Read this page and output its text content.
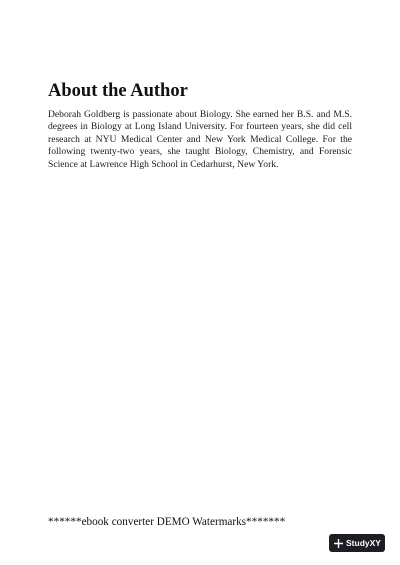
About the Author

Deborah Goldberg is passionate about Biology. She earned her B.S. and M.S. degrees in Biology at Long Island University. For fourteen years, she did cell research at NYU Medical Center and New York Medical College. For the following twenty-two years, she taught Biology, Chemistry, and Forensic Science at Lawrence High School in Cedarhurst, New York.

******ebook converter DEMO Watermarks*******

Study XY
